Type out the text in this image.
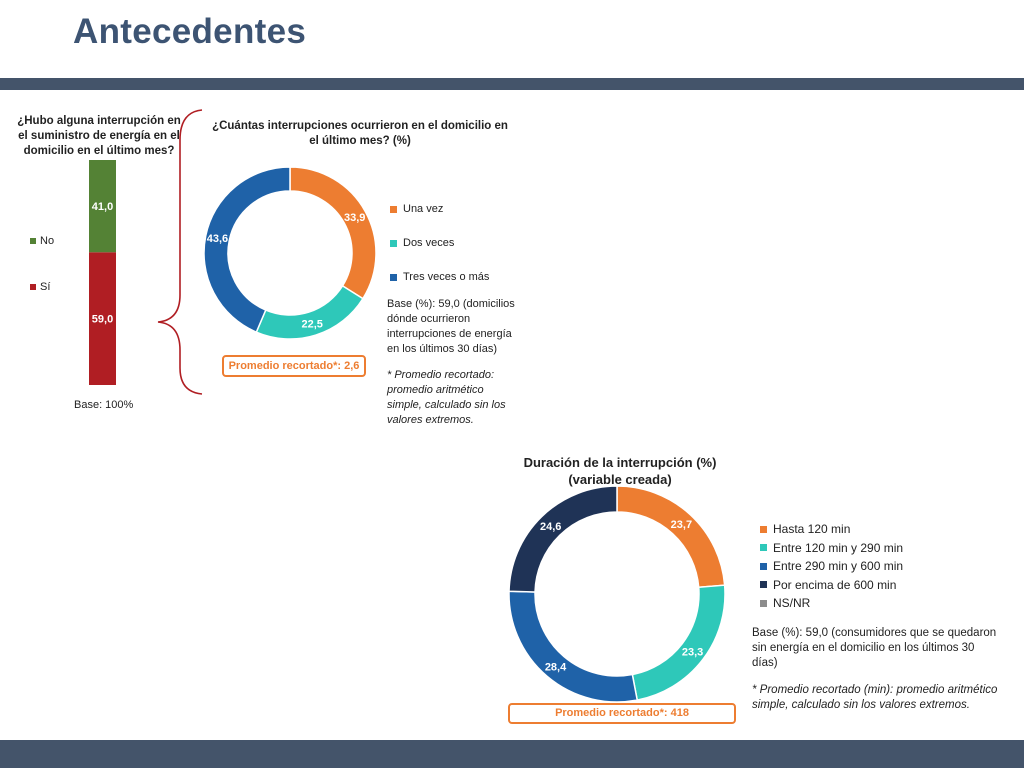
Antecedentes
¿Hubo alguna interrupción en el suministro de energía en el domicilio en el último mes?
59,0
41,0
No
Sí
Base: 100%
¿Cuántas interrupciones ocurrieron en el domicilio en el último mes? (%)
33,9
22,5
43,6
Una vez
Dos veces
Tres veces o más
Base (%): 59,0 (domicilios dónde ocurrieron interrupciones de energía en los últimos 30 días)
Promedio recortado*: 2,6
* Promedio recortado: promedio aritmético simple, calculado sin los valores extremos.
Duración de la interrupción (%)
(variable creada)
23,7
23,3
28,4
24,6	Hasta 120 min
Entre 120 min y 290 min
Entre 290 min y 600 min
Por encima de 600 min
NS/NR
Base (%): 59,0 (consumidores que se quedaron sin energía en el domicilio en los últimos 30 días)
Promedio recortado*: 418
* Promedio recortado (min): promedio aritmético simple, calculado sin los valores extremos.
